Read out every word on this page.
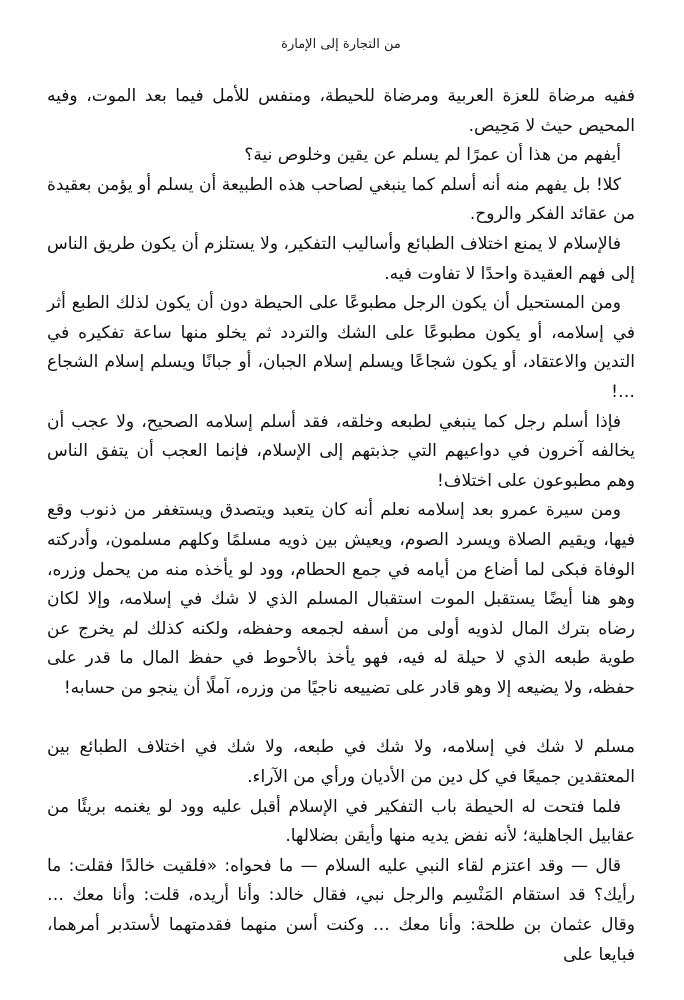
من التجارة إلى الإمارة

ففيه مرضاة للعزة العربية ومرضاة للحيطة، ومنفس للأمل فيما بعد الموت، وفيه المحيص حيث لا مَحِيص.

أيفهم من هذا أن عمرًا لم يسلم عن يقين وخلوص نية؟

كلا! بل يفهم منه أنه أسلم كما ينبغي لصاحب هذه الطبيعة أن يسلم أو يؤمن بعقيدة من عقائد الفكر والروح.

فالإسلام لا يمنع اختلاف الطبائع وأساليب التفكير، ولا يستلزم أن يكون طريق الناس إلى فهم العقيدة واحدًا لا تفاوت فيه.

ومن المستحيل أن يكون الرجل مطبوعًا على الحيطة دون أن يكون لذلك الطبع أثر في إسلامه، أو يكون مطبوعًا على الشك والتردد ثم يخلو منها ساعة تفكيره في التدين والاعتقاد، أو يكون شجاعًا ويسلم إسلام الجبان، أو جبانًا ويسلم إسلام الشجاع …!

فإذا أسلم رجل كما ينبغي لطبعه وخلقه، فقد أسلم إسلامه الصحيح، ولا عجب أن يخالفه آخرون في دواعيهم التي جذبتهم إلى الإسلام، فإنما العجب أن يتفق الناس وهم مطبوعون على اختلاف!

ومن سيرة عمرو بعد إسلامه نعلم أنه كان يتعبد ويتصدق ويستغفر من ذنوب وقع فيها، ويقيم الصلاة ويسرد الصوم، ويعيش بين ذويه مسلمًا وكلهم مسلمون، وأدركته الوفاة فبكى لما أضاع من أيامه في جمع الحطام، وود لو يأخذه منه من يحمل وزره، وهو هنا أيضًا يستقبل الموت استقبال المسلم الذي لا شك في إسلامه، وإلا لكان رضاه بترك المال لذويه أولى من أسفه لجمعه وحفظه، ولكنه كذلك لم يخرج عن طوية طبعه الذي لا حيلة له فيه، فهو يأخذ بالأحوط في حفظ المال ما قدر على حفظه، ولا يضيعه إلا وهو قادر على تضييعه ناجيًا من وزره، آملًا أن ينجو من حسابه!

مسلم لا شك في إسلامه، ولا شك في طبعه، ولا شك في اختلاف الطبائع بين المعتقدين جميعًا في كل دين من الأديان ورأي من الآراء.

فلما فتحت له الحيطة باب التفكير في الإسلام أقبل عليه وود لو يغنمه بريئًا من عقابيل الجاهلية؛ لأنه نفض يديه منها وأيقن بضلالها.

قال — وقد اعتزم لقاء النبي عليه السلام — ما فحواه: «فلقيت خالدًا فقلت: ما رأيك؟ قد استقام المَنْسِم والرجل نبي، فقال خالد: وأنا أريده، قلت: وأنا معك … وقال عثمان بن طلحة: وأنا معك … وكنت أسن منهما فقدمتهما لأستدبر أمرهما، فبايعا على
